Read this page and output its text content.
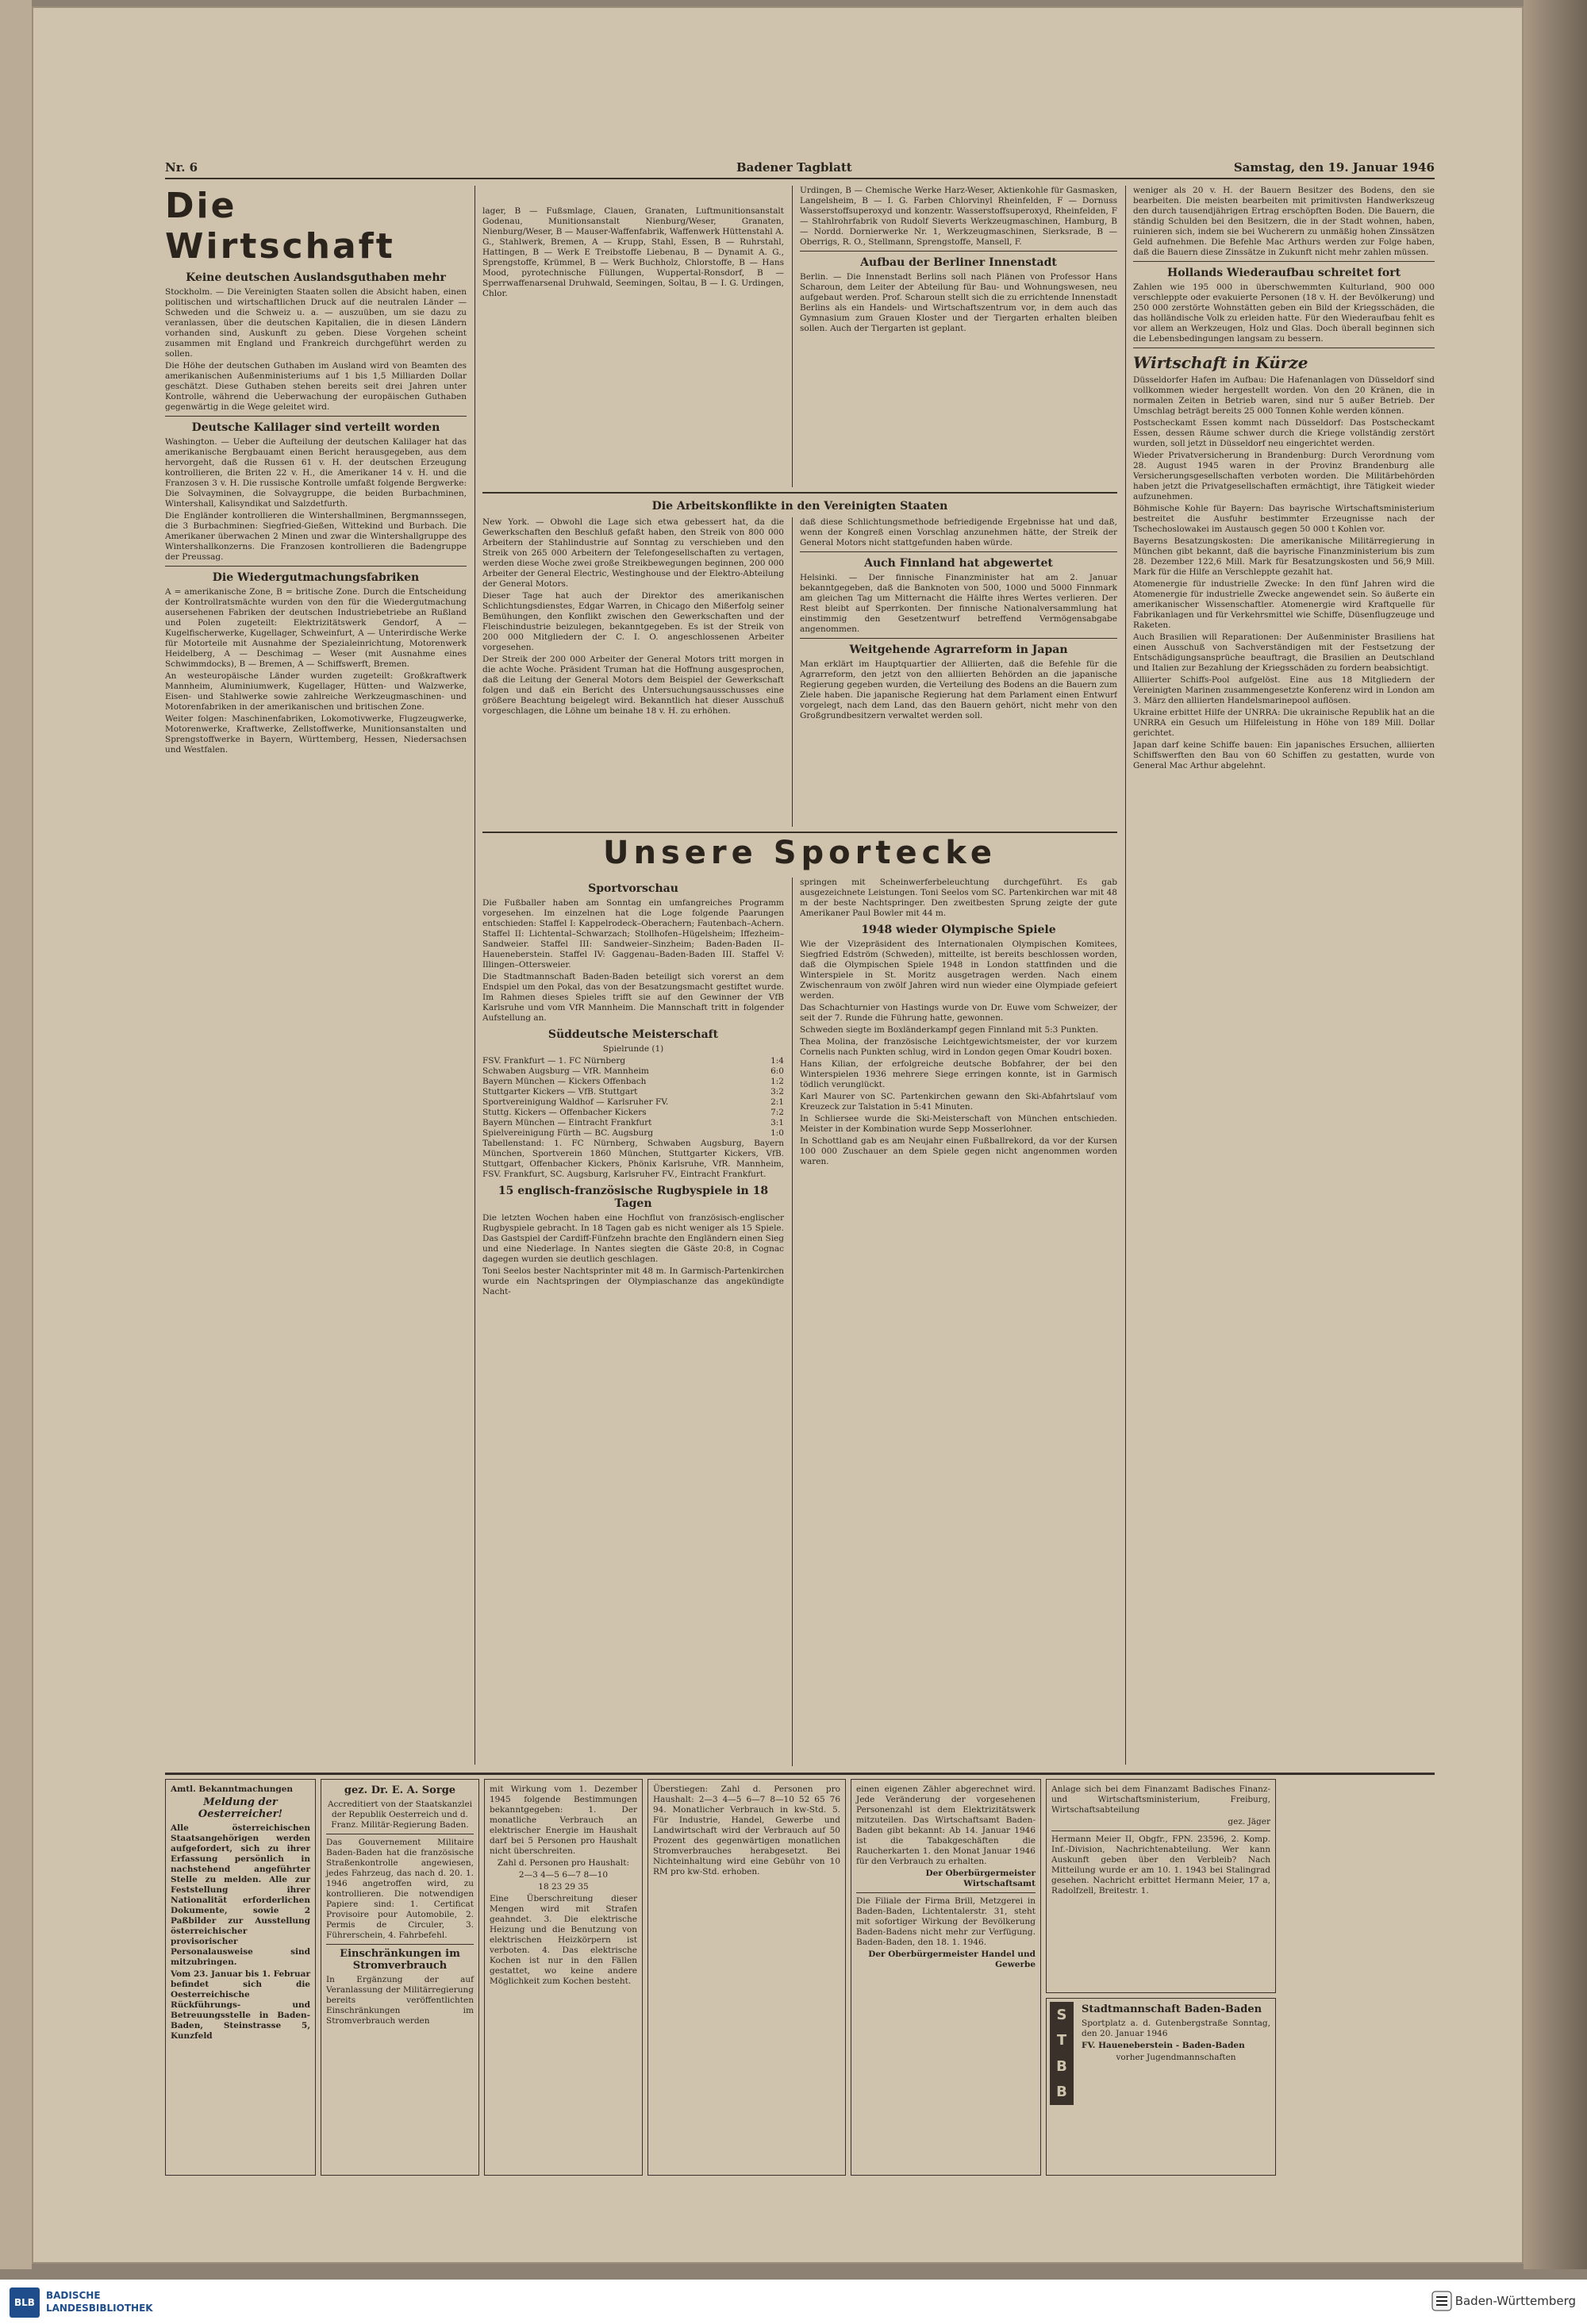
Nr. 6	Badener Tagblatt	Samstag, den 19. Januar 1946
Die Wirtschaft
Keine deutschen Auslandsguthaben mehr

Stockholm. — Die Vereinigten Staaten sollen die Absicht haben, einen politischen und wirtschaftlichen Druck auf die neutralen Länder — Schweden und die Schweiz u. a. — auszuüben, um sie dazu zu veranlassen, über die deutschen Kapitalien, die in diesen Ländern vorhanden sind, Auskunft zu geben. Diese Vorgehen scheint zusammen mit England und Frankreich durchgeführt werden zu sollen.

Die Höhe der deutschen Guthaben im Ausland wird von Beamten des amerikanischen Außenministeriums auf 1 bis 1,5 Milliarden Dollar geschätzt. Diese Guthaben stehen bereits seit drei Jahren unter Kontrolle, während die Ueberwachung der europäischen Guthaben gegenwärtig in die Wege geleitet wird.

Deutsche Kalilager sind verteilt worden

Washington. — Ueber die Aufteilung der deutschen Kalilager hat das amerikanische Bergbauamt einen Bericht herausgegeben, aus dem hervorgeht, daß die Russen 61 v. H. der deutschen Erzeugung kontrollieren, die Briten 22 v. H., die Amerikaner 14 v. H. und die Franzosen 3 v. H. Die russische Kontrolle umfaßt folgende Bergwerke: Die Solvayminen, die Solvaygruppe, die beiden Burbachminen, Wintershall, Kalisyndikat und Salzdetfurth.

Die Engländer kontrollieren die Wintershallminen, Bergmannssegen, die 3 Burbachminen: Siegfried-Gießen, Wittekind und Burbach. Die Amerikaner überwachen 2 Minen und zwar die Wintershallgruppe des Wintershallkonzerns. Die Franzosen kontrollieren die Badengruppe der Preussag.

Die Wiedergutmachungsfabriken

A = amerikanische Zone, B = britische Zone. Durch die Entscheidung der Kontrollratsmächte wurden von den für die Wiedergutmachung ausersehenen Fabriken der deutschen Industriebetriebe an Rußland und Polen zugeteilt: Elektrizitätswerk Gendorf, A — Kugelfischerwerke, Kugellager, Schweinfurt, A — Unterirdische Werke für Motorteile mit Ausnahme der Spezialeinrichtung, Motorenwerk Heidelberg, A — Deschimag — Weser (mit Ausnahme eines Schwimmdocks), B — Bremen, A — Schiffswerft, Bremen.

An westeuropäische Länder wurden zugeteilt: Großkraftwerk Mannheim, Aluminiumwerk, Kugellager, Hütten- und Walzwerke, Eisen- und Stahlwerke sowie zahlreiche Werkzeugmaschinen- und Motorenfabriken in der amerikanischen und britischen Zone.

Weiter folgen: Maschinenfabriken, Lokomotivwerke, Flugzeugwerke, Motorenwerke, Kraftwerke, Zellstoffwerke, Munitionsanstalten und Sprengstoffwerke in Bayern, Württemberg, Hessen, Niedersachsen und Westfalen.

lager, B — Fußsmlage, Clauen, Granaten, Luftmunitionsanstalt Godenau, Munitionsanstalt Nienburg/Weser, Granaten, Nienburg/Weser, B — Mauser-Waffenfabrik, Waffenwerk Hüttenstahl A. G., Stahlwerk, Bremen, A — Krupp, Stahl, Essen, B — Ruhrstahl, Hattingen, B — Werk E Treibstoffe Liebenau, B — Dynamit A. G., Sprengstoffe, Krümmel, B — Werk Buchholz, Chlorstoffe, B — Hans Mood, pyrotechnische Füllungen, Wuppertal-Ronsdorf, B — Sperrwaffenarsenal Druhwald, Seemingen, Soltau, B — I. G. Urdingen, Chlor.

Urdingen, B — Chemische Werke Harz-Weser, Aktienkohle für Gasmasken, Langelsheim, B — I. G. Farben Chlorvinyl Rheinfelden, F — Dornuss Wasserstoffsuperoxyd und konzentr. Wasserstoffsuperoxyd, Rheinfelden, F — Stahlrohrfabrik von Rudolf Sieverts Werkzeugmaschinen, Hamburg, B — Nordd. Dornierwerke Nr. 1, Werkzeugmaschinen, Sierksrade, B — Oberrigs, R. O., Stellmann, Sprengstoffe, Mansell, F.

Aufbau der Berliner Innenstadt

Berlin. — Die Innenstadt Berlins soll nach Plänen von Professor Hans Scharoun, dem Leiter der Abteilung für Bau- und Wohnungswesen, neu aufgebaut werden. Prof. Scharoun stellt sich die zu errichtende Innenstadt Berlins als ein Handels- und Wirtschaftszentrum vor, in dem auch das Gymnasium zum Grauen Kloster und der Tiergarten erhalten bleiben sollen. Auch der Tiergarten ist geplant.

weniger als 20 v. H. der Bauern Besitzer des Bodens, den sie bearbeiten. Die meisten bearbeiten mit primitivsten Handwerkszeug den durch tausendjährigen Ertrag erschöpften Boden. Die Bauern, die ständig Schulden bei den Besitzern, die in der Stadt wohnen, haben, ruinieren sich, indem sie bei Wucherern zu unmäßig hohen Zinssätzen Geld aufnehmen. Die Befehle Mac Arthurs werden zur Folge haben, daß die Bauern diese Zinssätze in Zukunft nicht mehr zahlen müssen.

Hollands Wiederaufbau schreitet fort

Zahlen wie 195 000 in überschwemmten Kulturland, 900 000 verschleppte oder evakuierte Personen (18 v. H. der Bevölkerung) und 250 000 zerstörte Wohnstätten geben ein Bild der Kriegsschäden, die das holländische Volk zu erleiden hatte. Für den Wiederaufbau fehlt es vor allem an Werkzeugen, Holz und Glas. Doch überall beginnen sich die Lebensbedingungen langsam zu bessern.

Wirtschaft in Kürze

Düsseldorfer Hafen im Aufbau: Die Hafenanlagen von Düsseldorf sind vollkommen wieder hergestellt worden. Von den 20 Kränen, die in normalen Zeiten in Betrieb waren, sind nur 5 außer Betrieb. Der Umschlag beträgt bereits 25 000 Tonnen Kohle werden können.

Postscheckamt Essen kommt nach Düsseldorf: Das Postscheckamt Essen, dessen Räume schwer durch die Kriege vollständig zerstört wurden, soll jetzt in Düsseldorf neu eingerichtet werden.

Wieder Privatversicherung in Brandenburg: Durch Verordnung vom 28. August 1945 waren in der Provinz Brandenburg alle Versicherungsgesellschaften verboten worden. Die Militärbehörden haben jetzt die Privatgesellschaften ermächtigt, ihre Tätigkeit wieder aufzunehmen.

Böhmische Kohle für Bayern: Das bayrische Wirtschaftsministerium bestreitet die Ausfuhr bestimmter Erzeugnisse nach der Tschechoslowakei im Austausch gegen 50 000 t Kohlen vor.

Bayerns Besatzungskosten: Die amerikanische Militärregierung in München gibt bekannt, daß die bayrische Finanzministerium bis zum 28. Dezember 122,6 Mill. Mark für Besatzungskosten und 56,9 Mill. Mark für die Hilfe an Verschleppte gezahlt hat.

Atomenergie für industrielle Zwecke: In den fünf Jahren wird die Atomenergie für industrielle Zwecke angewendet sein. So äußerte ein amerikanischer Wissenschaftler. Atomenergie wird Kraftquelle für Fabrikanlagen und für Verkehrsmittel wie Schiffe, Düsenflugzeuge und Raketen.

Auch Brasilien will Reparationen: Der Außenminister Brasiliens hat einen Ausschuß von Sachverständigen mit der Festsetzung der Entschädigungsansprüche beauftragt, die Brasilien an Deutschland und Italien zur Bezahlung der Kriegsschäden zu fordern beabsichtigt.

Alliierter Schiffs-Pool aufgelöst. Eine aus 18 Mitgliedern der Vereinigten Marinen zusammengesetzte Konferenz wird in London am 3. März den alliierten Handelsmarinepool auflösen.

Ukraine erbittet Hilfe der UNRRA: Die ukrainische Republik hat an die UNRRA ein Gesuch um Hilfeleistung in Höhe von 189 Mill. Dollar gerichtet.

Japan darf keine Schiffe bauen: Ein japanisches Ersuchen, alliierten Schiffswerften den Bau von 60 Schiffen zu gestatten, wurde von General Mac Arthur abgelehnt.

Die Arbeitskonflikte in den Vereinigten Staaten

New York. — Obwohl die Lage sich etwa gebessert hat, da die Gewerkschaften den Beschluß gefaßt haben, den Streik von 800 000 Arbeitern der Stahlindustrie auf Sonntag zu verschieben und den Streik von 265 000 Arbeitern der Telefongesellschaften zu vertagen, werden diese Woche zwei große Streikbewegungen beginnen, 200 000 Arbeiter der General Electric, Westinghouse und der Elektro-Abteilung der General Motors.

Dieser Tage hat auch der Direktor des amerikanischen Schlichtungsdienstes, Edgar Warren, in Chicago den Mißerfolg seiner Bemühungen, den Konflikt zwischen den Gewerkschaften und der Fleischindustrie beizulegen, bekanntgegeben. Es ist der Streik von 200 000 Mitgliedern der C. I. O. angeschlossenen Arbeiter vorgesehen.

Der Streik der 200 000 Arbeiter der General Motors tritt morgen in die achte Woche. Präsident Truman hat die Hoffnung ausgesprochen, daß die Leitung der General Motors dem Beispiel der Gewerkschaft folgen und daß ein Bericht des Untersuchungsausschusses eine größere Beachtung beigelegt wird. Bekanntlich hat dieser Ausschuß vorgeschlagen, die Löhne um beinahe 18 v. H. zu erhöhen.

daß diese Schlichtungsmethode befriedigende Ergebnisse hat und daß, wenn der Kongreß einen Vorschlag anzunehmen hätte, der Streik der General Motors nicht stattgefunden haben würde.

Auch Finnland hat abgewertet

Helsinki. — Der finnische Finanzminister hat am 2. Januar bekanntgegeben, daß die Banknoten von 500, 1000 und 5000 Finnmark am gleichen Tag um Mitternacht die Hälfte ihres Wertes verlieren. Der Rest bleibt auf Sperrkonten. Der finnische Nationalversammlung hat einstimmig den Gesetzentwurf betreffend Vermögensabgabe angenommen.

Weitgehende Agrarreform in Japan

Man erklärt im Hauptquartier der Alliierten, daß die Befehle für die Agrarreform, den jetzt von den alliierten Behörden an die japanische Regierung gegeben wurden, die Verteilung des Bodens an die Bauern zum Ziele haben. Die japanische Regierung hat dem Parlament einen Entwurf vorgelegt, nach dem Land, das den Bauern gehört, nicht mehr von den Großgrundbesitzern verwaltet werden soll.

Unsere Sportecke
Sportvorschau

Die Fußballer haben am Sonntag ein umfangreiches Programm vorgesehen. Im einzelnen hat die Loge folgende Paarungen entschieden: Staffel I: Kappelrodeck–Oberachern; Fautenbach–Achern. Staffel II: Lichtental–Schwarzach; Stollhofen–Hügelsheim; Iffezheim–Sandweier. Staffel III: Sandweier–Sinzheim; Baden-Baden II–Haueneberstein. Staffel IV: Gaggenau–Baden-Baden III. Staffel V: Illingen–Ottersweier.

Die Stadtmannschaft Baden-Baden beteiligt sich vorerst an dem Endspiel um den Pokal, das von der Besatzungsmacht gestiftet wurde. Im Rahmen dieses Spieles trifft sie auf den Gewinner der VfB Karlsruhe und vom VfR Mannheim. Die Mannschaft tritt in folgender Aufstellung an.

Süddeutsche Meisterschaft
Spielrunde (1)
FSV. Frankfurt — 1. FC Nürnberg	1:4
Schwaben Augsburg — VfR. Mannheim	6:0
Bayern München — Kickers Offenbach	1:2
Stuttgarter Kickers — VfB. Stuttgart	3:2
Sportvereinigung Waldhof — Karlsruher FV.	2:1
Stuttg. Kickers — Offenbacher Kickers	7:2
Bayern München — Eintracht Frankfurt	3:1
Spielvereinigung Fürth — BC. Augsburg	1:0

Tabellenstand: 1. FC Nürnberg, Schwaben Augsburg, Bayern München, Sportverein 1860 München, Stuttgarter Kickers, VfB. Stuttgart, Offenbacher Kickers, Phönix Karlsruhe, VfR. Mannheim, FSV. Frankfurt, SC. Augsburg, Karlsruher FV., Eintracht Frankfurt.

15 englisch-französische Rugbyspiele in 18 Tagen

Die letzten Wochen haben eine Hochflut von französisch-englischer Rugbyspiele gebracht. In 18 Tagen gab es nicht weniger als 15 Spiele. Das Gastspiel der Cardiff-Fünfzehn brachte den Engländern einen Sieg und eine Niederlage. In Nantes siegten die Gäste 20:8, in Cognac dagegen wurden sie deutlich geschlagen.

Toni Seelos bester Nachtsprinter mit 48 m. In Garmisch-Partenkirchen wurde ein Nachtspringen der Olympiaschanze das angekündigte Nacht-

springen mit Scheinwerferbeleuchtung durchgeführt. Es gab ausgezeichnete Leistungen. Toni Seelos vom SC. Partenkirchen war mit 48 m der beste Nachtspringer. Den zweitbesten Sprung zeigte der gute Amerikaner Paul Bowler mit 44 m.

1948 wieder Olympische Spiele

Wie der Vizepräsident des Internationalen Olympischen Komitees, Siegfried Edström (Schweden), mitteilte, ist bereits beschlossen worden, daß die Olympischen Spiele 1948 in London stattfinden und die Winterspiele in St. Moritz ausgetragen werden. Nach einem Zwischenraum von zwölf Jahren wird nun wieder eine Olympiade gefeiert werden.

Das Schachturnier von Hastings wurde von Dr. Euwe vom Schweizer, der seit der 7. Runde die Führung hatte, gewonnen.

Schweden siegte im Boxländerkampf gegen Finnland mit 5:3 Punkten.

Thea Molina, der französische Leichtgewichtsmeister, der vor kurzem Cornelis nach Punkten schlug, wird in London gegen Omar Koudri boxen.

Hans Kilian, der erfolgreiche deutsche Bobfahrer, der bei den Winterspielen 1936 mehrere Siege erringen konnte, ist in Garmisch tödlich verunglückt.

Karl Maurer von SC. Partenkirchen gewann den Ski-Abfahrtslauf vom Kreuzeck zur Talstation in 5:41 Minuten.

In Schliersee wurde die Ski-Meisterschaft von München entschieden. Meister in der Kombination wurde Sepp Mosserlohner.

In Schottland gab es am Neujahr einen Fußballrekord, da vor der Kursen 100 000 Zuschauer an dem Spiele gegen nicht angenommen worden waren.

Amtl. Bekanntmachungen
Meldung der Oesterreicher!

Alle österreichischen Staatsangehörigen werden aufgefordert, sich zu ihrer Erfassung persönlich in nachstehend angeführter Stelle zu melden. Alle zur Feststellung ihrer Nationalität erforderlichen Dokumente, sowie 2 Paßbilder zur Ausstellung österreichischer provisorischer Personalausweise sind mitzubringen.

Vom 23. Januar bis 1. Februar befindet sich die Oesterreichische Rückführungs- und Betreuungsstelle in Baden-Baden, Steinstrasse 5, Kunzfeld

gez. Dr. E. A. Sorge

Accreditiert von der Staatskanzlei der Republik Oesterreich und d. Franz. Militär-Regierung Baden.

Das Gouvernement Militaire Baden-Baden hat die französische Straßenkontrolle angewiesen, jedes Fahrzeug, das nach d. 20. 1. 1946 angetroffen wird, zu kontrollieren. Die notwendigen Papiere sind: 1. Certificat Provisoire pour Automobile, 2. Permis de Circuler, 3. Führerschein, 4. Fahrbefehl.

Einschränkungen im Stromverbrauch

In Ergänzung der auf Veranlassung der Militärregierung bereits veröffentlichten Einschränkungen im Stromverbrauch werden

mit Wirkung vom 1. Dezember 1945 folgende Bestimmungen bekanntgegeben: 1. Der monatliche Verbrauch an elektrischer Energie im Haushalt darf bei 5 Personen pro Haushalt nicht überschreiten.

Zahl d. Personen pro Haushalt:

2—3 4—5 6—7 8—10

18 23 29 35

Eine Überschreitung dieser Mengen wird mit Strafen geahndet. 3. Die elektrische Heizung und die Benutzung von elektrischen Heizkörpern ist verboten. 4. Das elektrische Kochen ist nur in den Fällen gestattet, wo keine andere Möglichkeit zum Kochen besteht.

Überstiegen: Zahl d. Personen pro Haushalt: 2—3 4—5 6—7 8—10 52 65 76 94. Monatlicher Verbrauch in kw-Std. 5. Für Industrie, Handel, Gewerbe und Landwirtschaft wird der Verbrauch auf 50 Prozent des gegenwärtigen monatlichen Stromverbrauches herabgesetzt. Bei Nichteinhaltung wird eine Gebühr von 10 RM pro kw-Std. erhoben.

einen eigenen Zähler abgerechnet wird. Jede Veränderung der vorgesehenen Personenzahl ist dem Elektrizitätswerk mitzuteilen. Das Wirtschaftsamt Baden-Baden gibt bekannt: Ab 14. Januar 1946 ist die Tabakgeschäften die Raucherkarten 1. den Monat Januar 1946 für den Verbrauch zu erhalten.

Der Oberbürgermeister Wirtschaftsamt

Die Filiale der Firma Brill, Metzgerei in Baden-Baden, Lichtentalerstr. 31, steht mit sofortiger Wirkung der Bevölkerung Baden-Badens nicht mehr zur Verfügung. Baden-Baden, den 18. 1. 1946.

Der Oberbürgermeister Handel und Gewerbe

Anlage sich bei dem Finanzamt Badisches Finanz- und Wirtschaftsministerium, Freiburg, Wirtschaftsabteilung

gez. Jäger

Hermann Meier II, Obgfr., FPN. 23596, 2. Komp. Inf.-Division, Nachrichtenabteilung. Wer kann Auskunft geben über den Verbleib? Nach Mitteilung wurde er am 10. 1. 1943 bei Stalingrad gesehen. Nachricht erbittet Hermann Meier, 17 a, Radolfzell, Breitestr. 1.

S
T
B
B
Stadtmannschaft Baden-Baden

Sportplatz a. d. Gutenbergstraße Sonntag, den 20. Januar 1946

FV. Haueneberstein - Baden-Baden

vorher Jugendmannschaften

BLB
BADISCHE
LANDESBIBLIOTHEK	Baden-Württemberg
